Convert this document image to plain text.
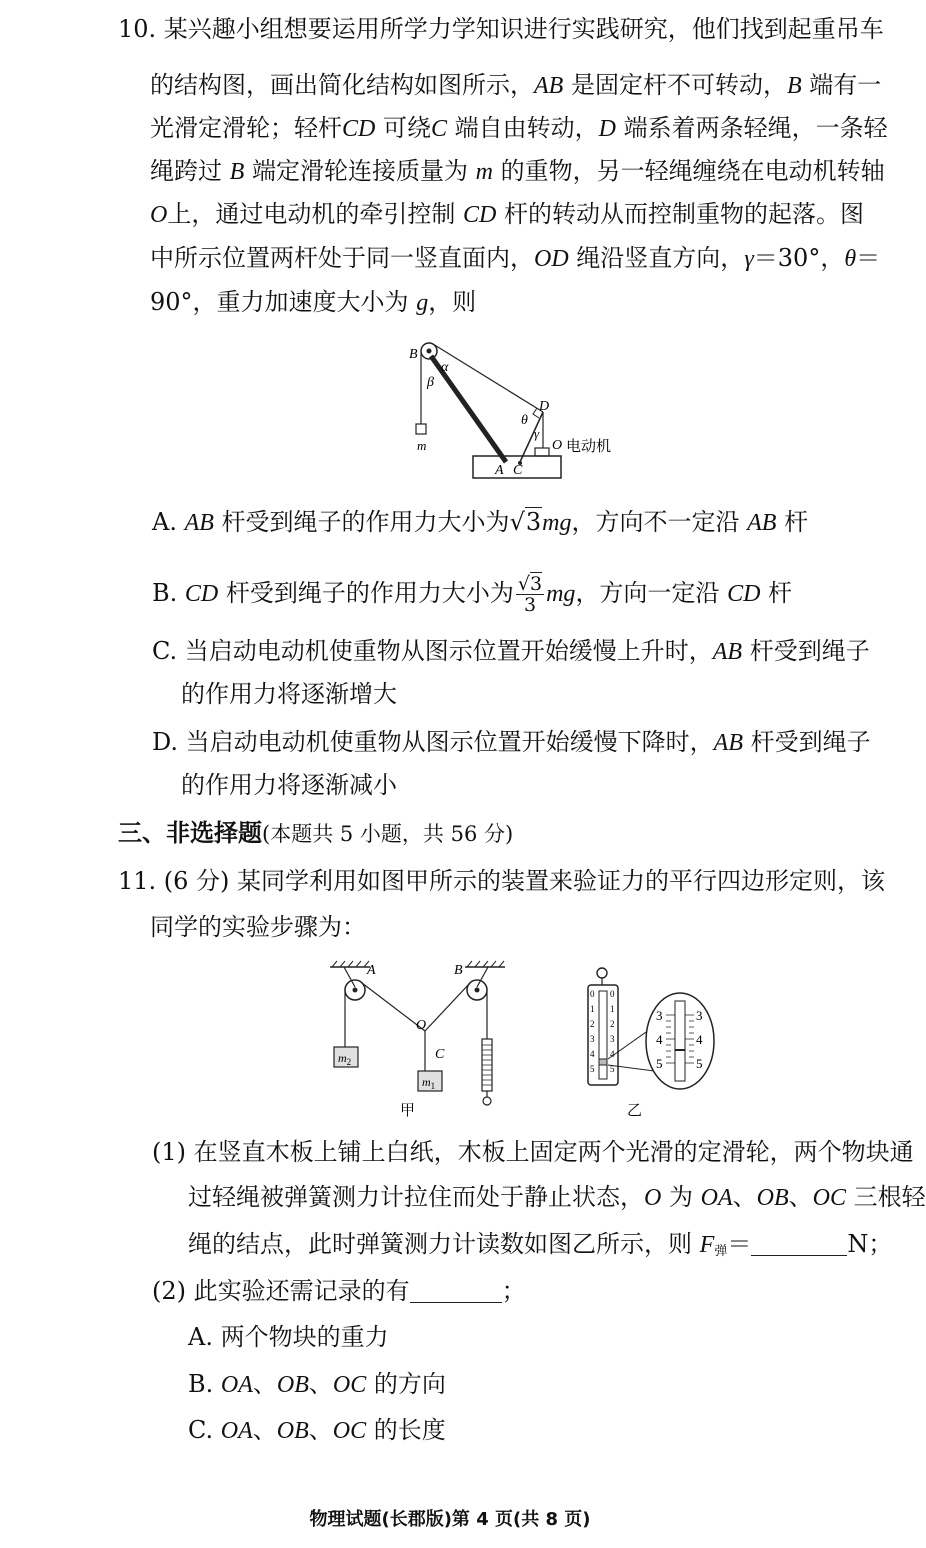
10. 某兴趣小组想要运用所学力学知识进行实践研究，他们找到起重吊车
的结构图，画出简化结构如图所示，AB 是固定杆不可转动，B 端有一
光滑定滑轮；轻杆CD 可绕C 端自由转动，D 端系着两条轻绳，一条轻
绳跨过 B 端定滑轮连接质量为 m 的重物，另一轻绳缠绕在电动机转轴
O上，通过电动机的牵引控制 CD 杆的转动从而控制重物的起落。图
中所示位置两杆处于同一竖直面内，OD 绳沿竖直方向，γ＝30°，θ＝
90°，重力加速度大小为 g，则
B
α
β
D
θ
γ
O 电动机
m
A C
A. AB 杆受到绳子的作用力大小为√3mg，方向不一定沿 AB 杆
B. CD 杆受到绳子的作用力大小为 $\frac{√3}{3}$ mg，方向一定沿 CD 杆
C. 当启动电动机使重物从图示位置开始缓慢上升时，AB 杆受到绳子
的作用力将逐渐增大
D. 当启动电动机使重物从图示位置开始缓慢下降时，AB 杆受到绳子
的作用力将逐渐减小
三、非选择题(本题共 5 小题，共 56 分)
11. (6 分) 某同学利用如图甲所示的装置来验证力的平行四边形定则，该
同学的实验步骤为：
$m_2$
$m_1$
A	B
O
C
甲
0
1
2
3
4
5
0
1
2
3
4
5
3
4
5
3
4
5
乙
(1) 在竖直木板上铺上白纸，木板上固定两个光滑的定滑轮，两个物块通
过轻绳被弹簧测力计拉住而处于静止状态，O 为 OA、OB、OC 三根轻
绳的结点，此时弹簧测力计读数如图乙所示，则 $F_弹=$	N；
(2) 此实验还需记录的有	；
A. 两个物块的重力
B. OA、OB、OC 的方向
C. OA、OB、OC 的长度
物理试题(长郡版)第 4 页(共 8 页)
